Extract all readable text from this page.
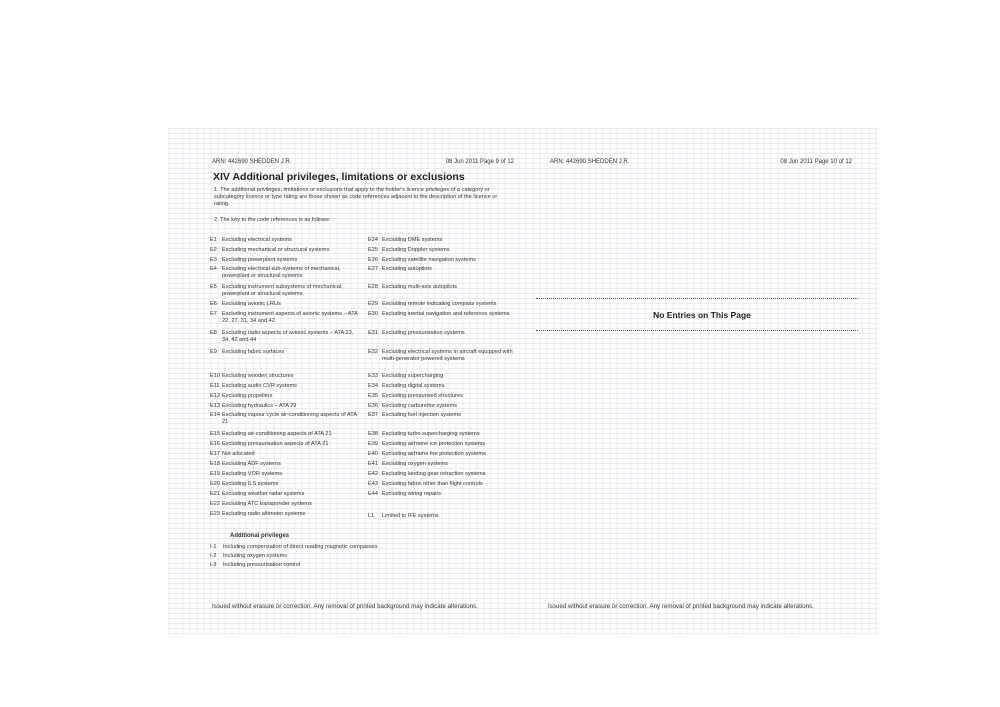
ARN: 442690 SHEDDEN J.R.	08 Jun 2011 Page 9 of 12
XIV Additional privileges, limitations or exclusions
1. The additional privileges, limitations or exclusions that apply to the holder's licence privileges of a category or subcategory licence or type rating are those shown as code references adjacent to the description of the licence or rating.
2. The key to the code references is as follows:
E1 Excluding electrical systems
E2 Excluding mechanical or structural systems
E3 Excluding powerplant systems
E4 Excluding electrical sub-systems of mechanical, powerplant or structural systems
E5 Excluding instrument subsystems of mechanical, powerplant or structural systems
E6 Excluding avionic LRUs
E7 Excluding instrument aspects of avionic systems – ATA 22, 27, 31, 34 and 42
E8 Excluding radio aspects of avionic systems – ATA 23, 34, 42 and 44
E9 Excluding fabric surfaces
E10 Excluding wooden structures
E11 Excluding audio CVR systems
E12 Excluding propellers
E13 Excluding hydraulics – ATA 29
E14 Excluding vapour cycle air-conditioning aspects of ATA 21
E15 Excluding air-conditioning aspects of ATA 21
E16 Excluding pressurisation aspects of ATA 21
E17 Not allocated
E18 Excluding ADF systems
E19 Excluding VOR systems
E20 Excluding ILS systems
E21 Excluding weather radar systems
E22 Excluding ATC transponder systems
E23 Excluding radio altimeter systems
E24 Excluding DME systems
E25 Excluding Doppler systems
E26 Excluding satellite navigation systems
E27 Excluding autopilots
E28 Excluding multi-axis autopilots
E29 Excluding remote indicating compass systems
E30 Excluding inertial navigation and reference systems
E31 Excluding pressurisation systems
E32 Excluding electrical systems in aircraft equipped with multi-generator powered systems
E33 Excluding supercharging
E34 Excluding digital systems
E35 Excluding pressurised structures
E36 Excluding carburettor systems
E37 Excluding fuel injection systems
E38 Excluding turbo supercharging systems
E39 Excluding airframe ice protection systems
E40 Excluding airframe fire protection systems
E41 Excluding oxygen systems
E42 Excluding landing gear retraction systems
E43 Excluding fabric other than flight controls
E44 Excluding wiring repairs
L1	Limited to IFE systems
Additional privileges
I-1	Including compensation of direct reading magnetic compasses
I-2	Including oxygen systems
I-3	Including pressurisation control
Issued without erasure or correction. Any removal of printed background may indicate alterations.
ARN: 442690 SHEDDEN J.R.	08 Jun 2011 Page 10 of 12
No Entries on This Page
Issued without erasure or correction. Any removal of printed background may indicate alterations.
